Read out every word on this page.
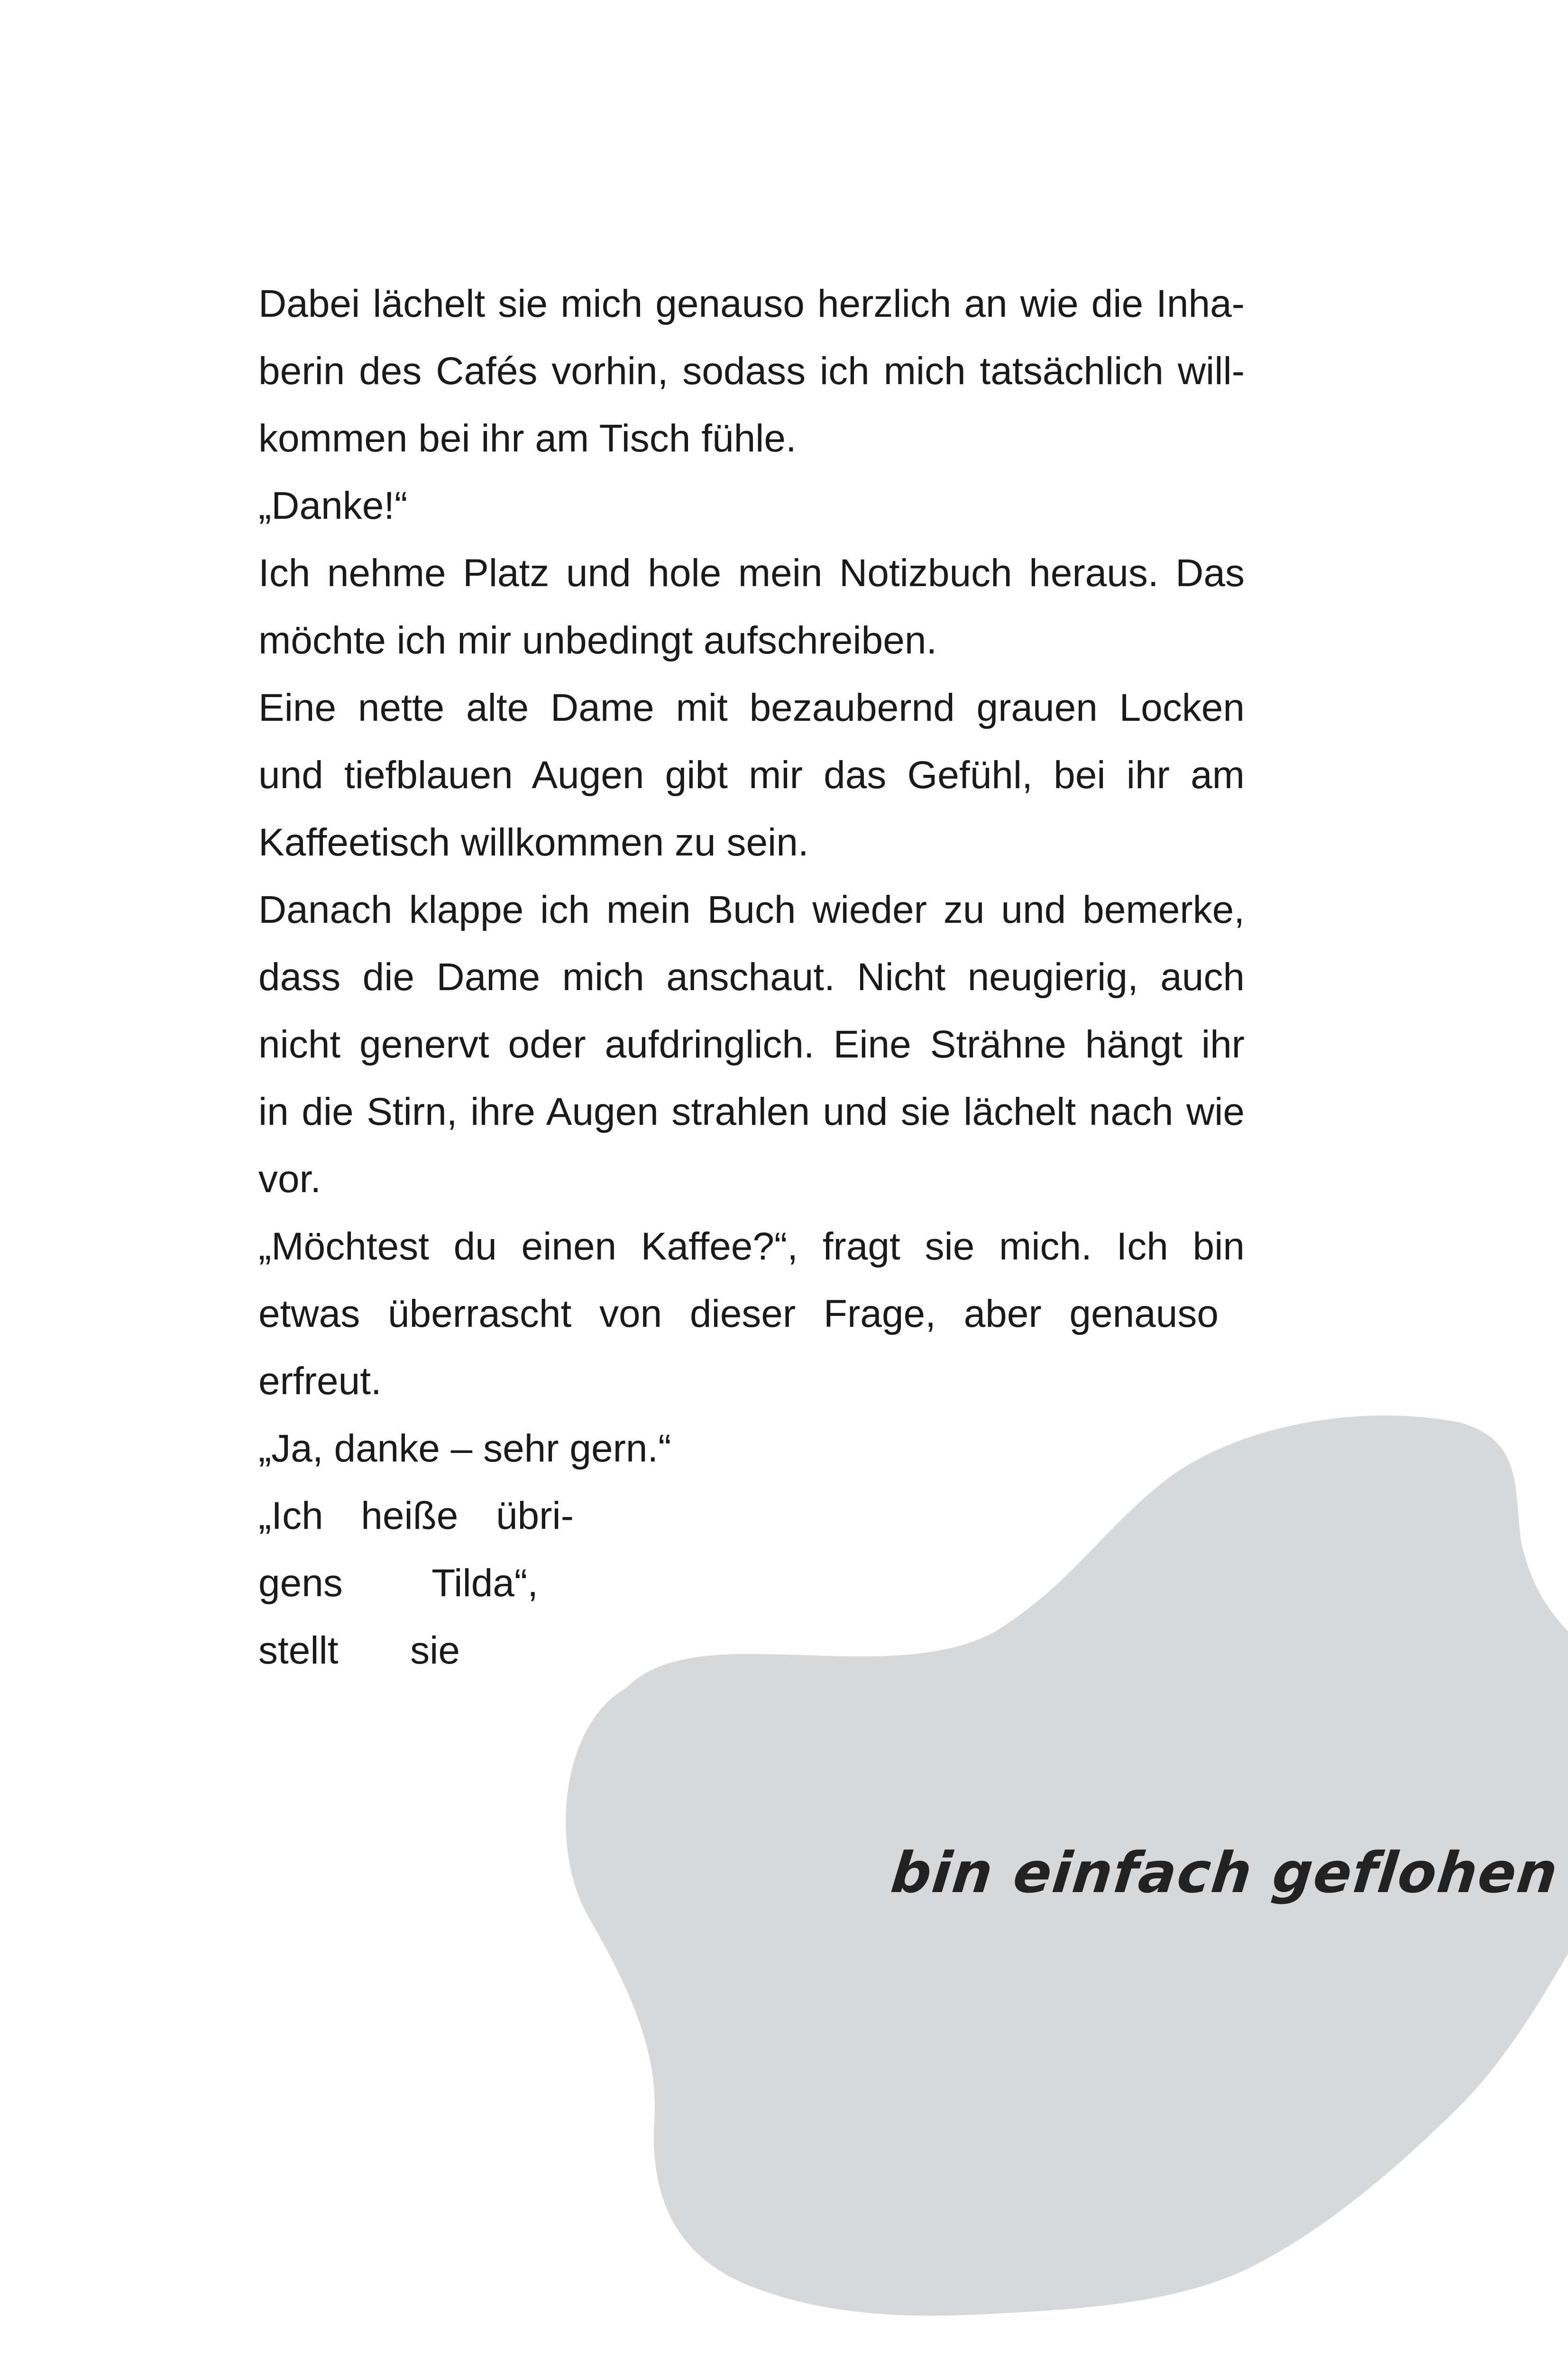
Dabei lächelt sie mich genauso herzlich an wie die Inha-
berin des Cafés vorhin, sodass ich mich tatsächlich will-
kommen bei ihr am Tisch fühle.
„Danke!“
Ich nehme Platz und hole mein Notizbuch heraus. Das
möchte ich mir unbedingt aufschreiben.
Eine nette alte Dame mit bezaubernd grauen Locken
und tiefblauen Augen gibt mir das Gefühl, bei ihr am
Kaffeetisch willkommen zu sein.
Danach klappe ich mein Buch wieder zu und bemerke,
dass die Dame mich anschaut. Nicht neugierig, auch
nicht genervt oder aufdringlich. Eine Strähne hängt ihr
in die Stirn, ihre Augen strahlen und sie lächelt nach wie
vor.
„Möchtest du einen Kaffee?“, fragt sie mich. Ich bin
etwas überrascht von dieser Frage, aber genauso
erfreut.
„Ja, danke – sehr gern.“
„Ich heiße übri-
gens Tilda“,
stellt sie
bin einfach geflohen
